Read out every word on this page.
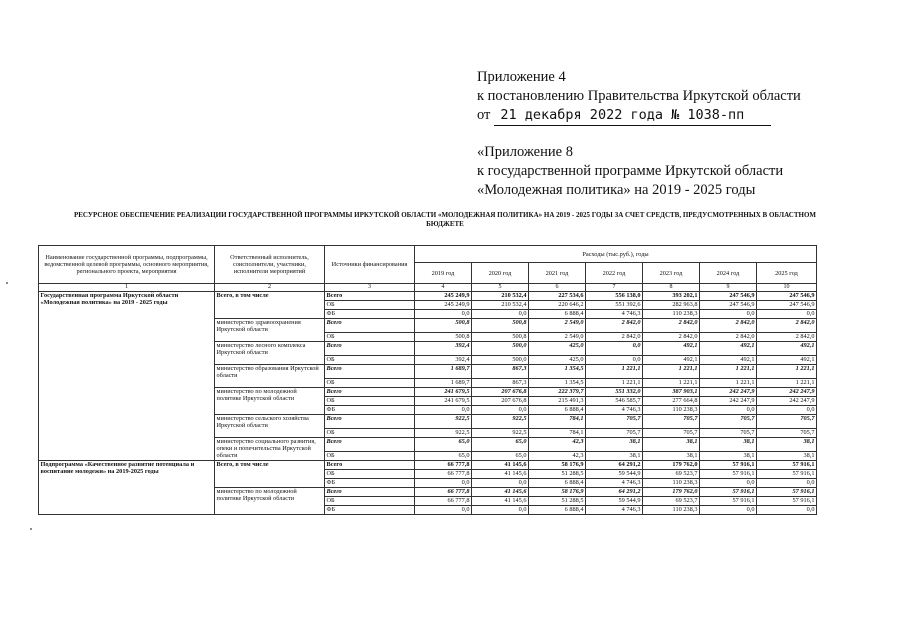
Приложение 4
к постановлению Правительства Иркутской области
от 21 декабря 2022 года № 1038-пп
«Приложение 8
к государственной программе Иркутской области
«Молодежная политика» на 2019 - 2025 годы
РЕСУРСНОЕ ОБЕСПЕЧЕНИЕ РЕАЛИЗАЦИИ ГОСУДАРСТВЕННОЙ ПРОГРАММЫ ИРКУТСКОЙ ОБЛАСТИ «МОЛОДЕЖНАЯ ПОЛИТИКА» НА 2019 - 2025 ГОДЫ ЗА СЧЕТ СРЕДСТВ, ПРЕДУСМОТРЕННЫХ В ОБЛАСТНОМ БЮДЖЕТЕ
Наименование государственной программы, подпрограммы, ведомственной целевой программы, основного мероприятия, регионального проекта, мероприятия	Ответственный исполнитель, соисполнители, участники, исполнители мероприятий	Источники финансирования	Расходы (тыс.руб.), годы						
			2019 год	2020 год	2021 год	2022 год	2023 год	2024 год	2025 год
1	2	3	4	5	6	7	8	9	10
Государственная программа Иркутской области «Молодежная политика» на 2019 - 2025 годы	Всего, в том числе	Всего	245 249,9	210 532,4	227 534,6	556 138,0	393 202,1	247 546,9	247 546,9
		ОБ	245 249,9	210 532,4	220 646,2	551 392,6	282 963,8	247 546,9	247 546,9
		ФБ	0,0	0,0	6 888,4	4 746,3	110 238,3	0,0	0,0
	министерство здравоохранения Иркутской области	Всего	500,8	500,8	2 549,0	2 842,0	2 842,0	2 842,0	2 842,0
		ОБ	500,8	500,8	2 549,0	2 842,0	2 842,0	2 842,0	2 842,0
	министерство лесного комплекса Иркутской области	Всего	392,4	500,0	425,0	0,0	492,1	492,1	492,1
		ОБ	392,4	500,0	425,0	0,0	492,1	492,1	492,1
	министерство образования Иркутской области	Всего	1 689,7	867,3	1 354,5	1 221,1	1 221,1	1 221,1	1 221,1
		ОБ	1 689,7	867,3	1 354,5	1 221,1	1 221,1	1 221,1	1 221,1
	министерство по молодежной политике Иркутской области	Всего	241 679,5	207 676,8	222 379,7	551 332,0	387 903,1	242 247,9	242 247,9
		ОБ	241 679,5	207 676,8	215 491,3	546 585,7	277 664,8	242 247,9	242 247,9
		ФБ	0,0	0,0	6 888,4	4 746,3	110 238,3	0,0	0,0
	министерство сельского хозяйства Иркутской области	Всего	922,5	922,5	784,1	705,7	705,7	705,7	705,7
		ОБ	922,5	922,5	784,1	705,7	705,7	705,7	705,7
	министерство социального развития, опеки и попечительства Иркутской области	Всего	65,0	65,0	42,3	38,1	38,1	38,1	38,1
		ОБ	65,0	65,0	42,3	38,1	38,1	38,1	38,1
Подпрограмма «Качественное развитие потенциала и воспитание молодежи» на 2019-2025 годы	Всего, в том числе	Всего	66 777,8	41 145,6	58 176,9	64 291,2	179 762,0	57 916,1	57 916,1
		ОБ	66 777,8	41 145,6	51 288,5	59 544,9	69 523,7	57 916,1	57 916,1
		ФБ	0,0	0,0	6 888,4	4 746,3	110 238,3	0,0	0,0
	министерство по молодежной политике Иркутской области	Всего	66 777,8	41 145,6	58 176,9	64 291,2	179 762,0	57 916,1	57 916,1
		ОБ	66 777,8	41 145,6	51 288,5	59 544,9	69 523,7	57 916,1	57 916,1
		ФБ	0,0	0,0	6 888,4	4 746,3	110 238,3	0,0	0,0
